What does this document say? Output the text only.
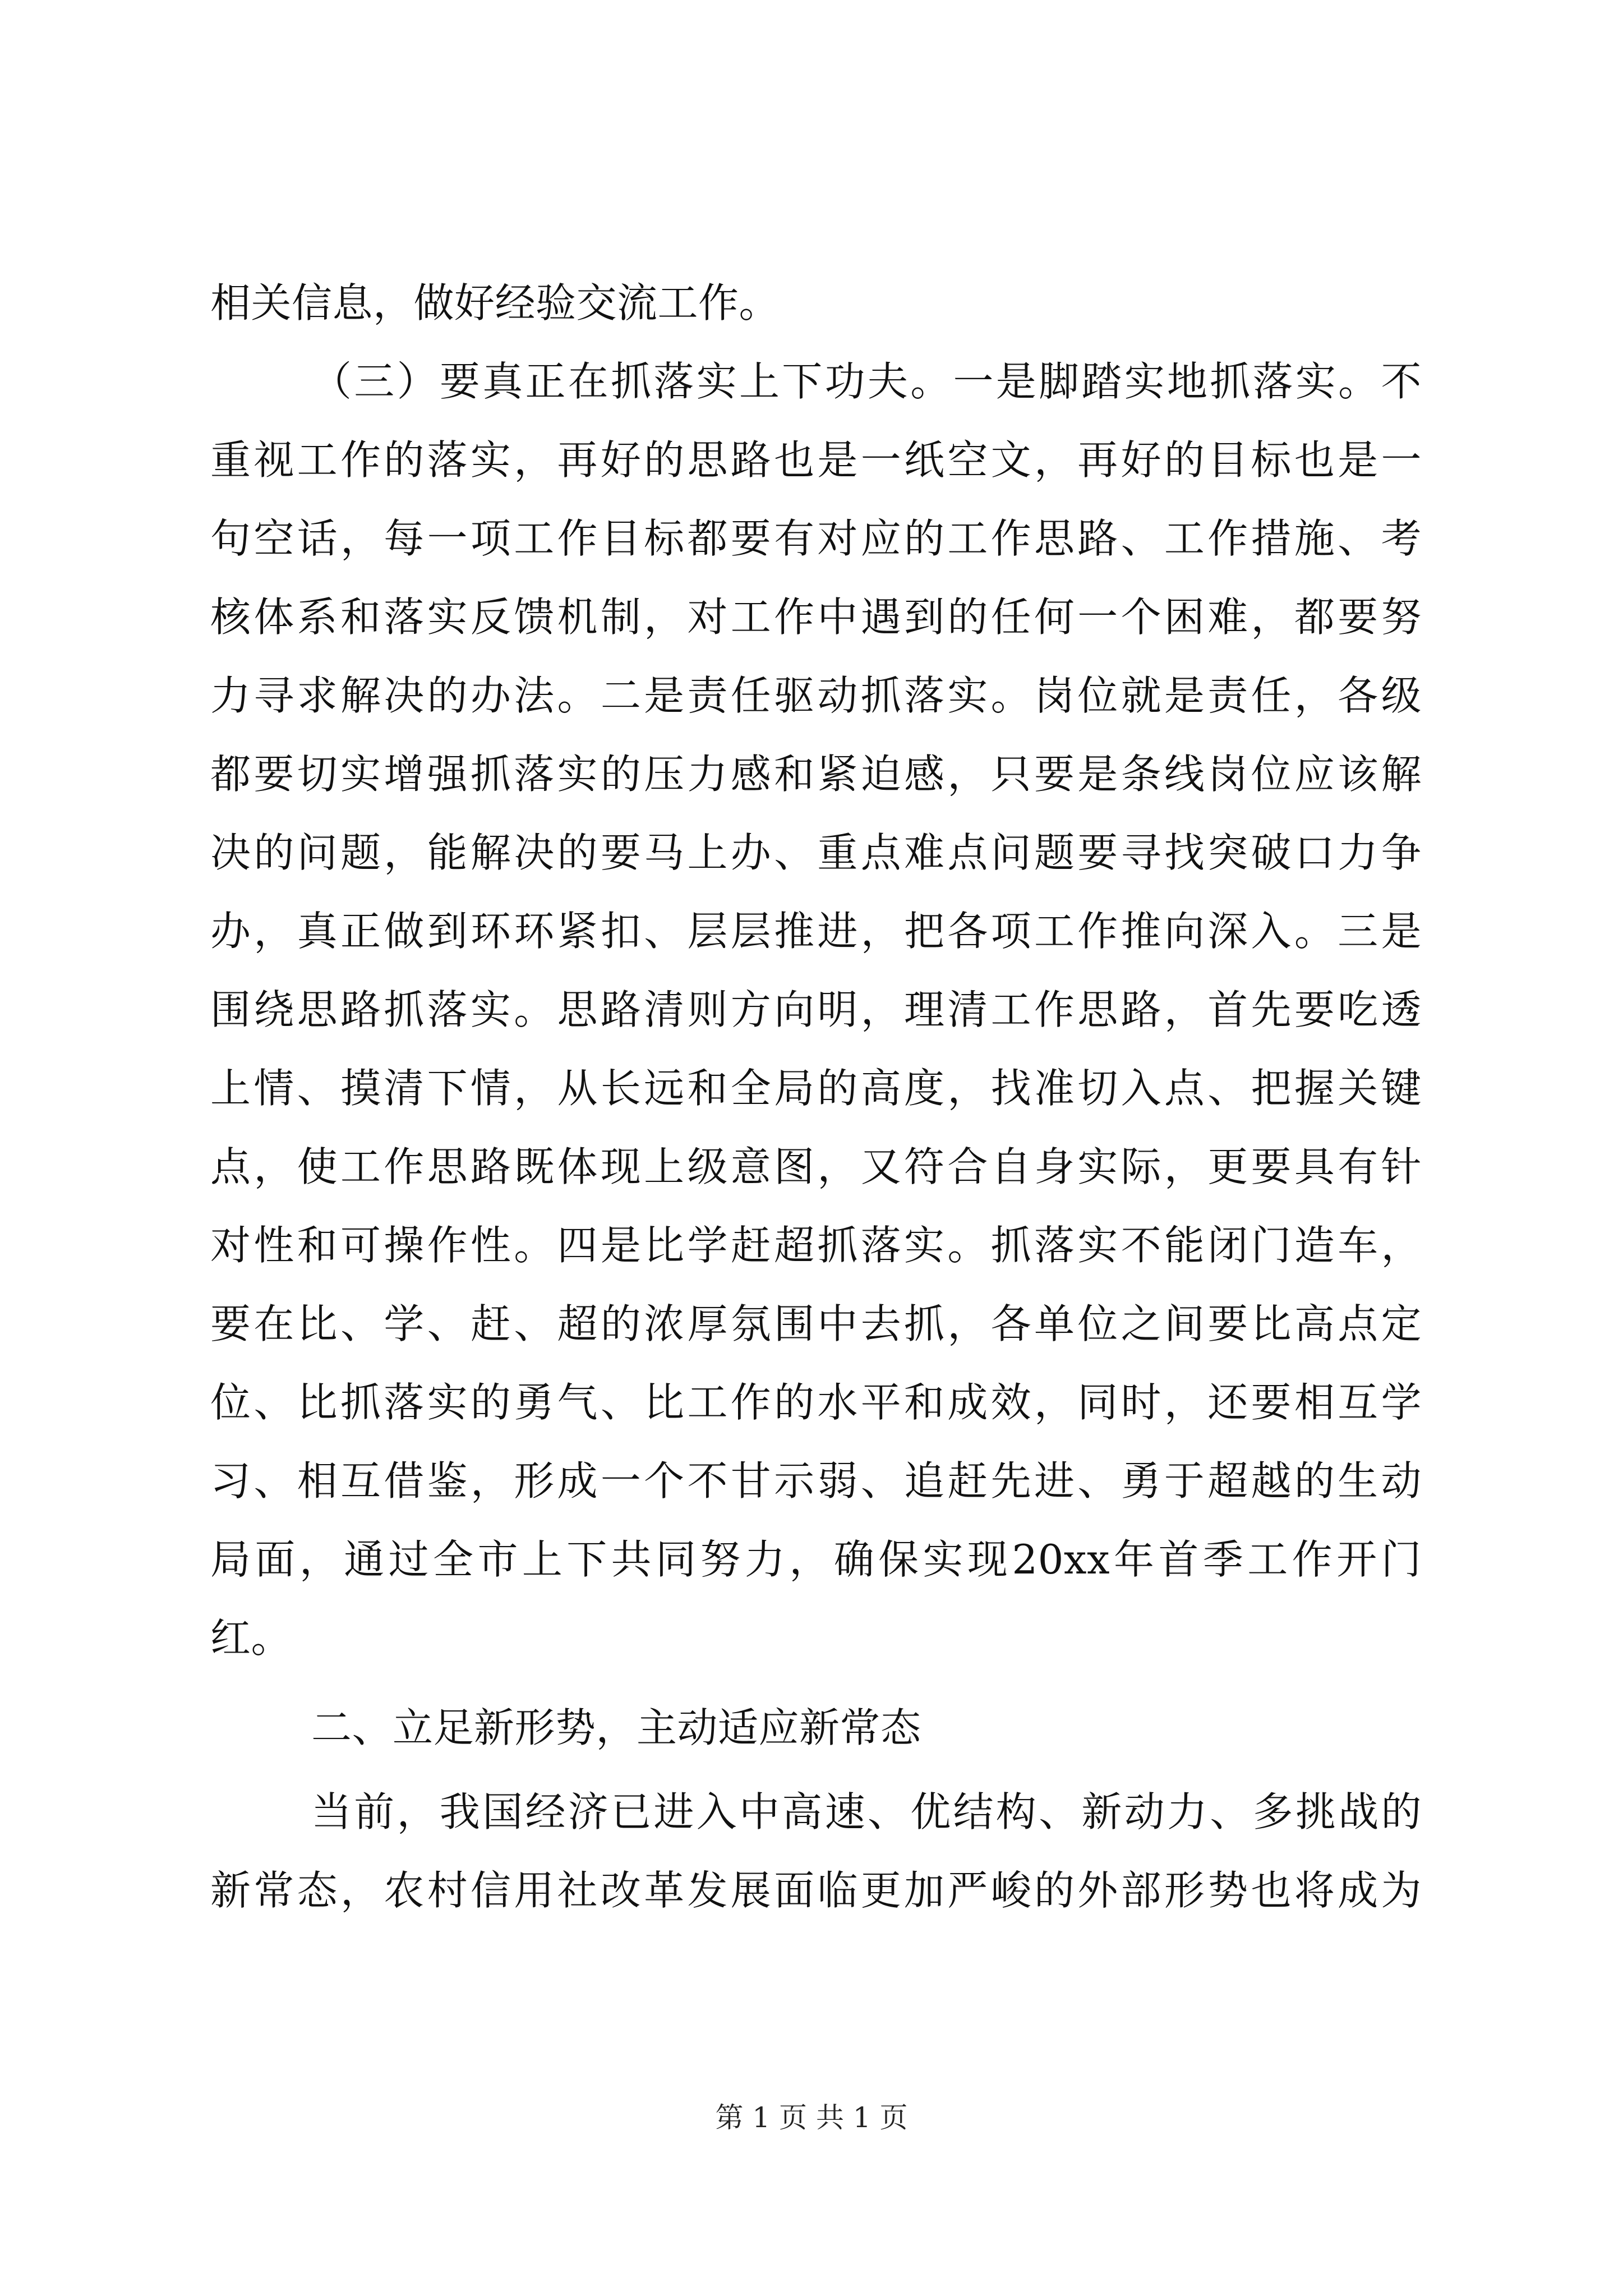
相关信息，做好经验交流工作。
（三）要真正在抓落实上下功夫。一是脚踏实地抓落实。不
重视工作的落实，再好的思路也是一纸空文，再好的目标也是一
句空话，每一项工作目标都要有对应的工作思路、工作措施、考
核体系和落实反馈机制，对工作中遇到的任何一个困难，都要努
力寻求解决的办法。二是责任驱动抓落实。岗位就是责任，各级
都要切实增强抓落实的压力感和紧迫感，只要是条线岗位应该解
决的问题，能解决的要马上办、重点难点问题要寻找突破口力争
办，真正做到环环紧扣、层层推进，把各项工作推向深入。三是
围绕思路抓落实。思路清则方向明，理清工作思路，首先要吃透
上情、摸清下情，从长远和全局的高度，找准切入点、把握关键
点，使工作思路既体现上级意图，又符合自身实际，更要具有针
对性和可操作性。四是比学赶超抓落实。抓落实不能闭门造车，
要在比、学、赶、超的浓厚氛围中去抓，各单位之间要比高点定
位、比抓落实的勇气、比工作的水平和成效，同时，还要相互学
习、相互借鉴，形成一个不甘示弱、追赶先进、勇于超越的生动
局面，通过全市上下共同努力，确保实现20xx年首季工作开门
红。
二、立足新形势，主动适应新常态
当前，我国经济已进入中高速、优结构、新动力、多挑战的
新常态，农村信用社改革发展面临更加严峻的外部形势也将成为
第 1 页 共 1 页
